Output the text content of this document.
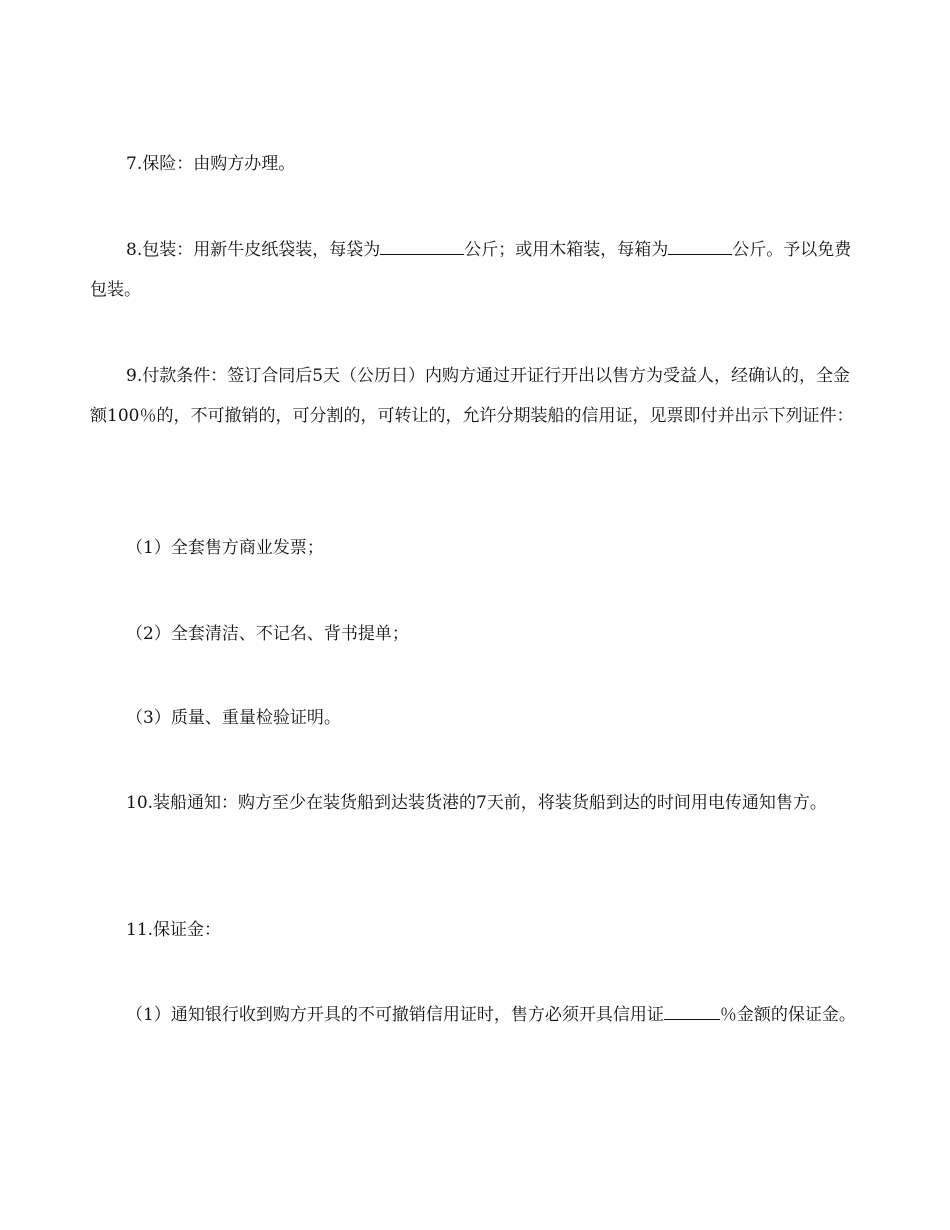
7.保险：由购方办理。

8.包装：用新牛皮纸袋装，每袋为	公斤；或用木箱装，每箱为	公斤。予以免费包装。

9.付款条件：签订合同后5天（公历日）内购方通过开证行开出以售方为受益人，经确认的，全金额100％的，不可撤销的，可分割的，可转让的，允许分期装船的信用证，见票即付并出示下列证件：

（1）全套售方商业发票；

（2）全套清洁、不记名、背书提单；

（3）质量、重量检验证明。

10.装船通知：购方至少在装货船到达装货港的7天前，将装货船到达的时间用电传通知售方。

11.保证金：

（1）通知银行收到购方开具的不可撤销信用证时，售方必须开具信用证	％金额的保证金。
